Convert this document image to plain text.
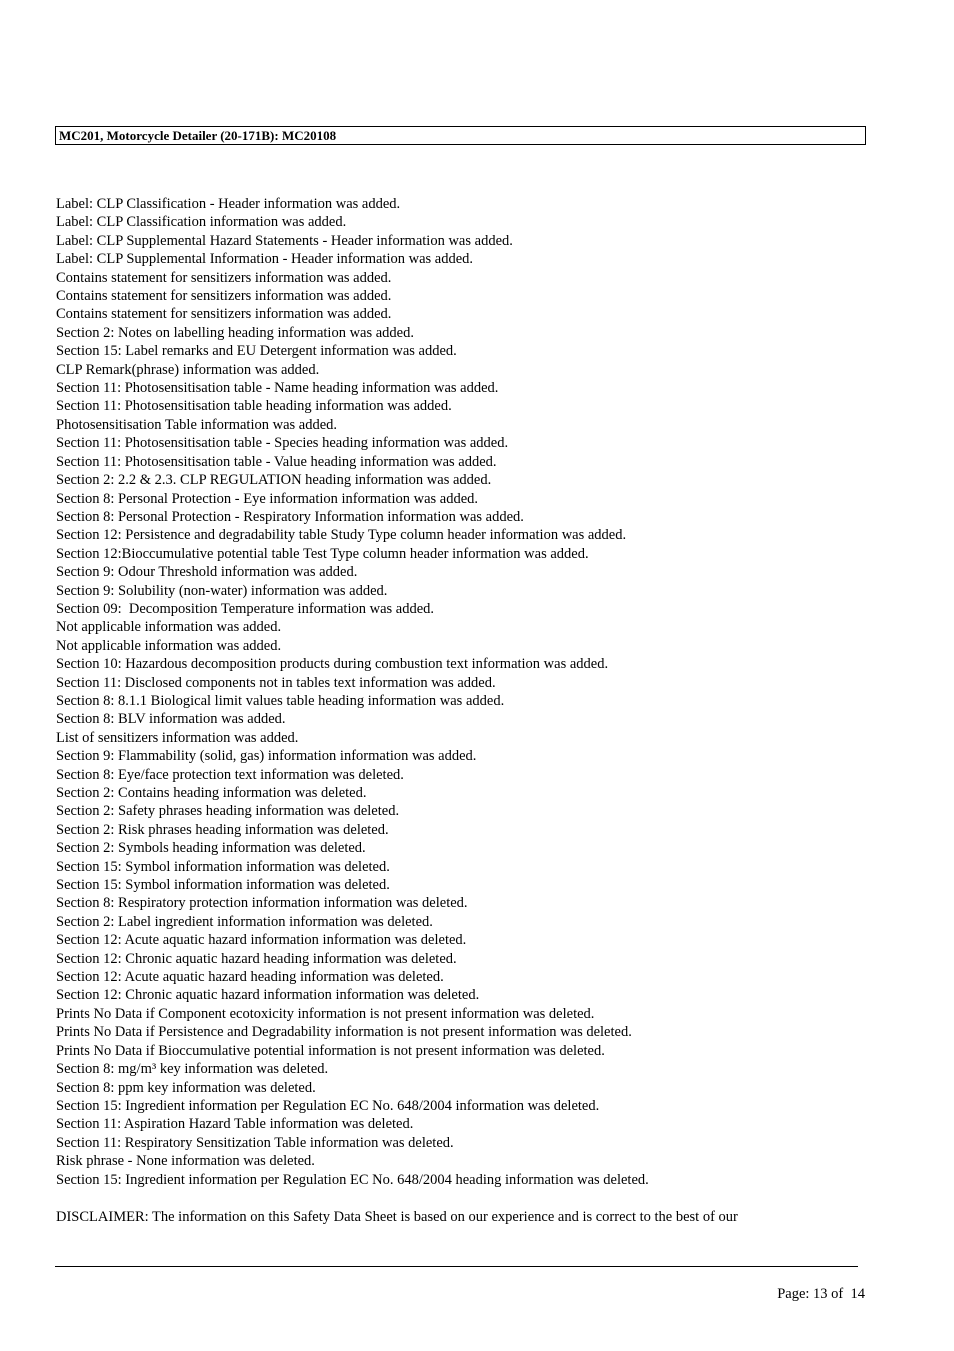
MC201, Motorcycle Detailer (20-171B): MC20108
Label: CLP Classification - Header information was added.
Label: CLP Classification information was added.
Label: CLP Supplemental Hazard Statements - Header information was added.
Label: CLP Supplemental Information - Header information was added.
Contains statement for sensitizers information was added.
Contains statement for sensitizers information was added.
Contains statement for sensitizers information was added.
Section 2: Notes on labelling heading information was added.
Section 15: Label remarks and EU Detergent information was added.
CLP Remark(phrase) information was added.
Section 11: Photosensitisation table - Name heading information was added.
Section 11: Photosensitisation table heading information was added.
Photosensitisation Table information was added.
Section 11: Photosensitisation table - Species heading information was added.
Section 11: Photosensitisation table - Value heading information was added.
Section 2: 2.2 & 2.3. CLP REGULATION heading information was added.
Section 8: Personal Protection - Eye information information was added.
Section 8: Personal Protection - Respiratory Information information was added.
Section 12: Persistence and degradability table Study Type column header information was added.
Section 12:Bioccumulative potential table Test Type column header information was added.
Section 9: Odour Threshold information was added.
Section 9: Solubility (non-water) information was added.
Section 09:  Decomposition Temperature information was added.
Not applicable information was added.
Not applicable information was added.
Section 10: Hazardous decomposition products during combustion text information was added.
Section 11: Disclosed components not in tables text information was added.
Section 8: 8.1.1 Biological limit values table heading information was added.
Section 8: BLV information was added.
List of sensitizers information was added.
Section 9: Flammability (solid, gas) information information was added.
Section 8: Eye/face protection text information was deleted.
Section 2: Contains heading information was deleted.
Section 2: Safety phrases heading information was deleted.
Section 2: Risk phrases heading information was deleted.
Section 2: Symbols heading information was deleted.
Section 15: Symbol information information was deleted.
Section 15: Symbol information information was deleted.
Section 8: Respiratory protection information information was deleted.
Section 2: Label ingredient information information was deleted.
Section 12: Acute aquatic hazard information information was deleted.
Section 12: Chronic aquatic hazard heading information was deleted.
Section 12: Acute aquatic hazard heading information was deleted.
Section 12: Chronic aquatic hazard information information was deleted.
Prints No Data if Component ecotoxicity information is not present information was deleted.
Prints No Data if Persistence and Degradability information is not present information was deleted.
Prints No Data if Bioccumulative potential information is not present information was deleted.
Section 8: mg/m³ key information was deleted.
Section 8: ppm key information was deleted.
Section 15: Ingredient information per Regulation EC No. 648/2004 information was deleted.
Section 11: Aspiration Hazard Table information was deleted.
Section 11: Respiratory Sensitization Table information was deleted.
Risk phrase - None information was deleted.
Section 15: Ingredient information per Regulation EC No. 648/2004 heading information was deleted.
DISCLAIMER: The information on this Safety Data Sheet is based on our experience and is correct to the best of our
Page: 13 of  14
